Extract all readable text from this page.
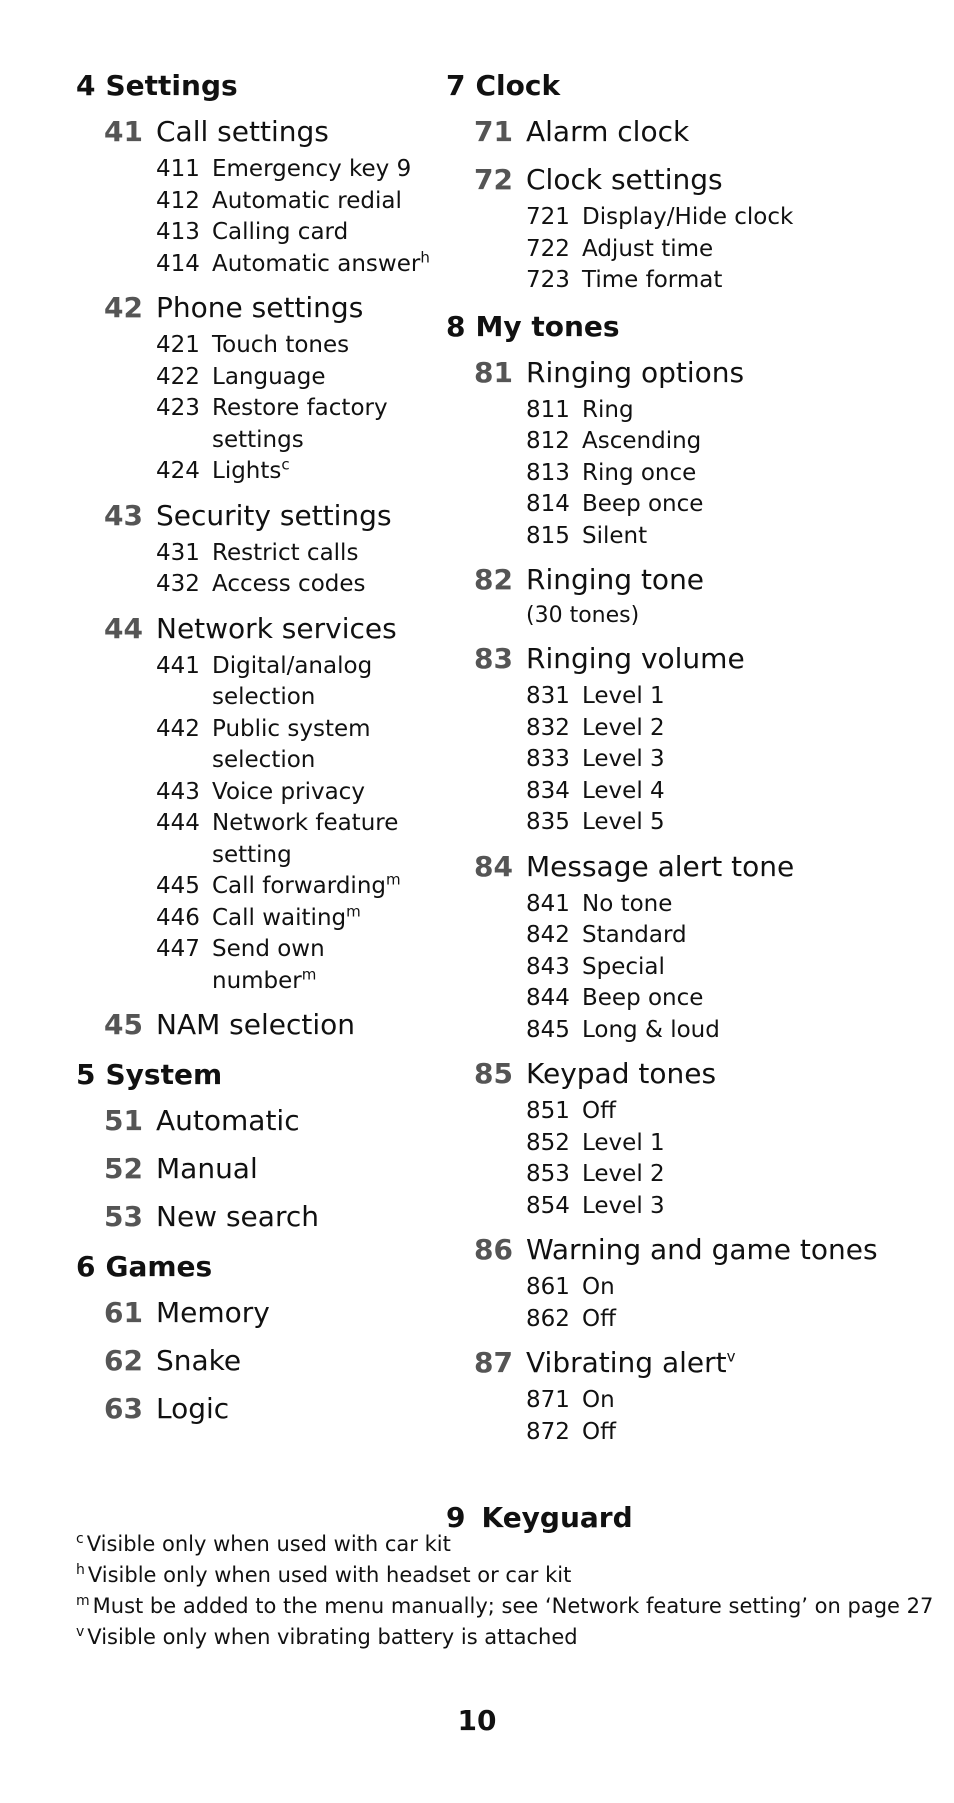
4 Settings
41 Call settings
411 Emergency key 9
412 Automatic redial
413 Calling card
414 Automatic answer$^h$
42 Phone settings
421 Touch tones
422 Language
423 Restore factory settings
424 Lights$^c$
43 Security settings
431 Restrict calls
432 Access codes
44 Network services
441 Digital/analog selection
442 Public system selection
443 Voice privacy
444 Network feature setting
445 Call forwarding$^m$
446 Call waiting$^m$
447 Send own number$^m$
45 NAM selection
5 System
51 Automatic
52 Manual
53 New search
6 Games
61 Memory
62 Snake
63 Logic
7 Clock
71 Alarm clock
72 Clock settings
721 Display/Hide clock
722 Adjust time
723 Time format
8 My tones
81 Ringing options
811 Ring
812 Ascending
813 Ring once
814 Beep once
815 Silent
82 Ringing tone
(30 tones)
83 Ringing volume
831 Level 1
832 Level 2
833 Level 3
834 Level 4
835 Level 5
84 Message alert tone
841 No tone
842 Standard
843 Special
844 Beep once
845 Long & loud
85 Keypad tones
851 Off
852 Level 1
853 Level 2
854 Level 3
86 Warning and game tones
861 On
862 Off
87 Vibrating alert$^v$
871 On
872 Off
9 Keyguard
$^c$ Visible only when used with car kit
$^h$ Visible only when used with headset or car kit
$^m$ Must be added to the menu manually; see ‘Network feature setting’ on page 27
$^v$ Visible only when vibrating battery is attached
10
